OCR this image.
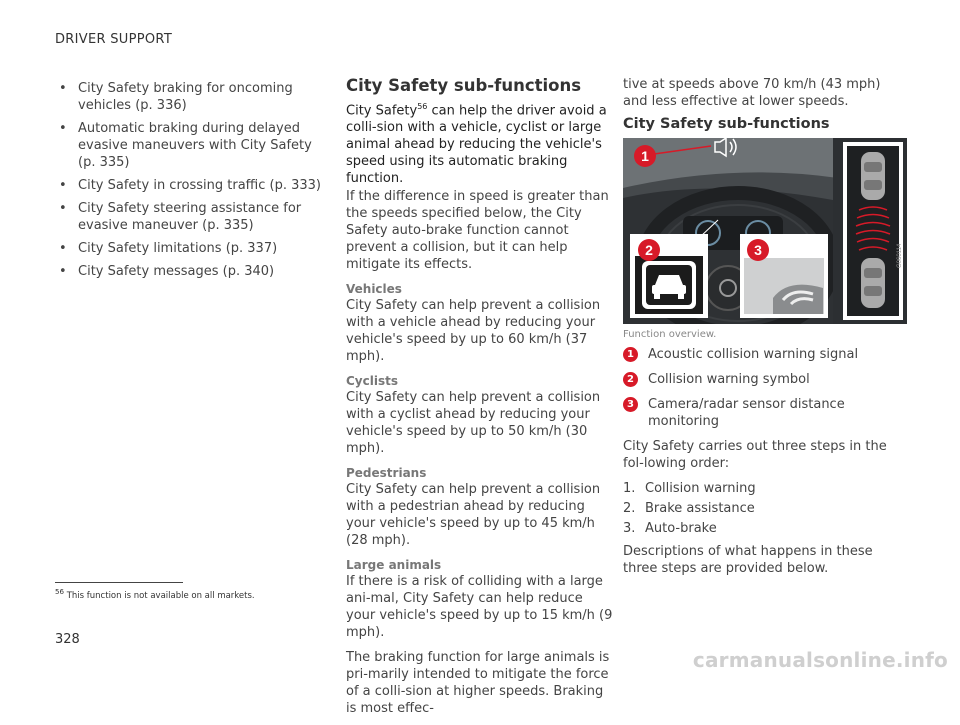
DRIVER SUPPORT
• City Safety braking for oncoming vehicles (p. 336)
• Automatic braking during delayed evasive maneuvers with City Safety (p. 335)
• City Safety in crossing traffic (p. 333)
• City Safety steering assistance for evasive maneuver (p. 335)
• City Safety limitations (p. 337)
• City Safety messages (p. 340)
City Safety sub-functions

City Safety$^{56}$ can help the driver avoid a colli-sion with a vehicle, cyclist or large animal ahead by reducing the vehicle's speed using its automatic braking function.

If the difference in speed is greater than the speeds specified below, the City Safety auto-brake function cannot prevent a collision, but it can help mitigate its effects.

Vehicles

City Safety can help prevent a collision with a vehicle ahead by reducing your vehicle's speed by up to 60 km/h (37 mph).

Cyclists

City Safety can help prevent a collision with a cyclist ahead by reducing your vehicle's speed by up to 50 km/h (30 mph).

Pedestrians

City Safety can help prevent a collision with a pedestrian ahead by reducing your vehicle's speed by up to 45 km/h (28 mph).

Large animals

If there is a risk of colliding with a large ani-mal, City Safety can help reduce your vehicle's speed by up to 15 km/h (9 mph).

The braking function for large animals is pri-marily intended to mitigate the force of a colli-sion at higher speeds. Braking is most effec-

tive at speeds above 70 km/h (43 mph) and less effective at lower speeds.

City Safety sub-functions
G060114
1
2	3

Function overview.

1	Acoustic collision warning signal
2	Collision warning symbol
3	Camera/radar sensor distance monitoring

City Safety carries out three steps in the fol-lowing order:

1. Collision warning
2. Brake assistance
3. Auto-brake

Descriptions of what happens in these three steps are provided below.

$^{56}$ This function is not available on all markets.
328
carmanualsonline.info
